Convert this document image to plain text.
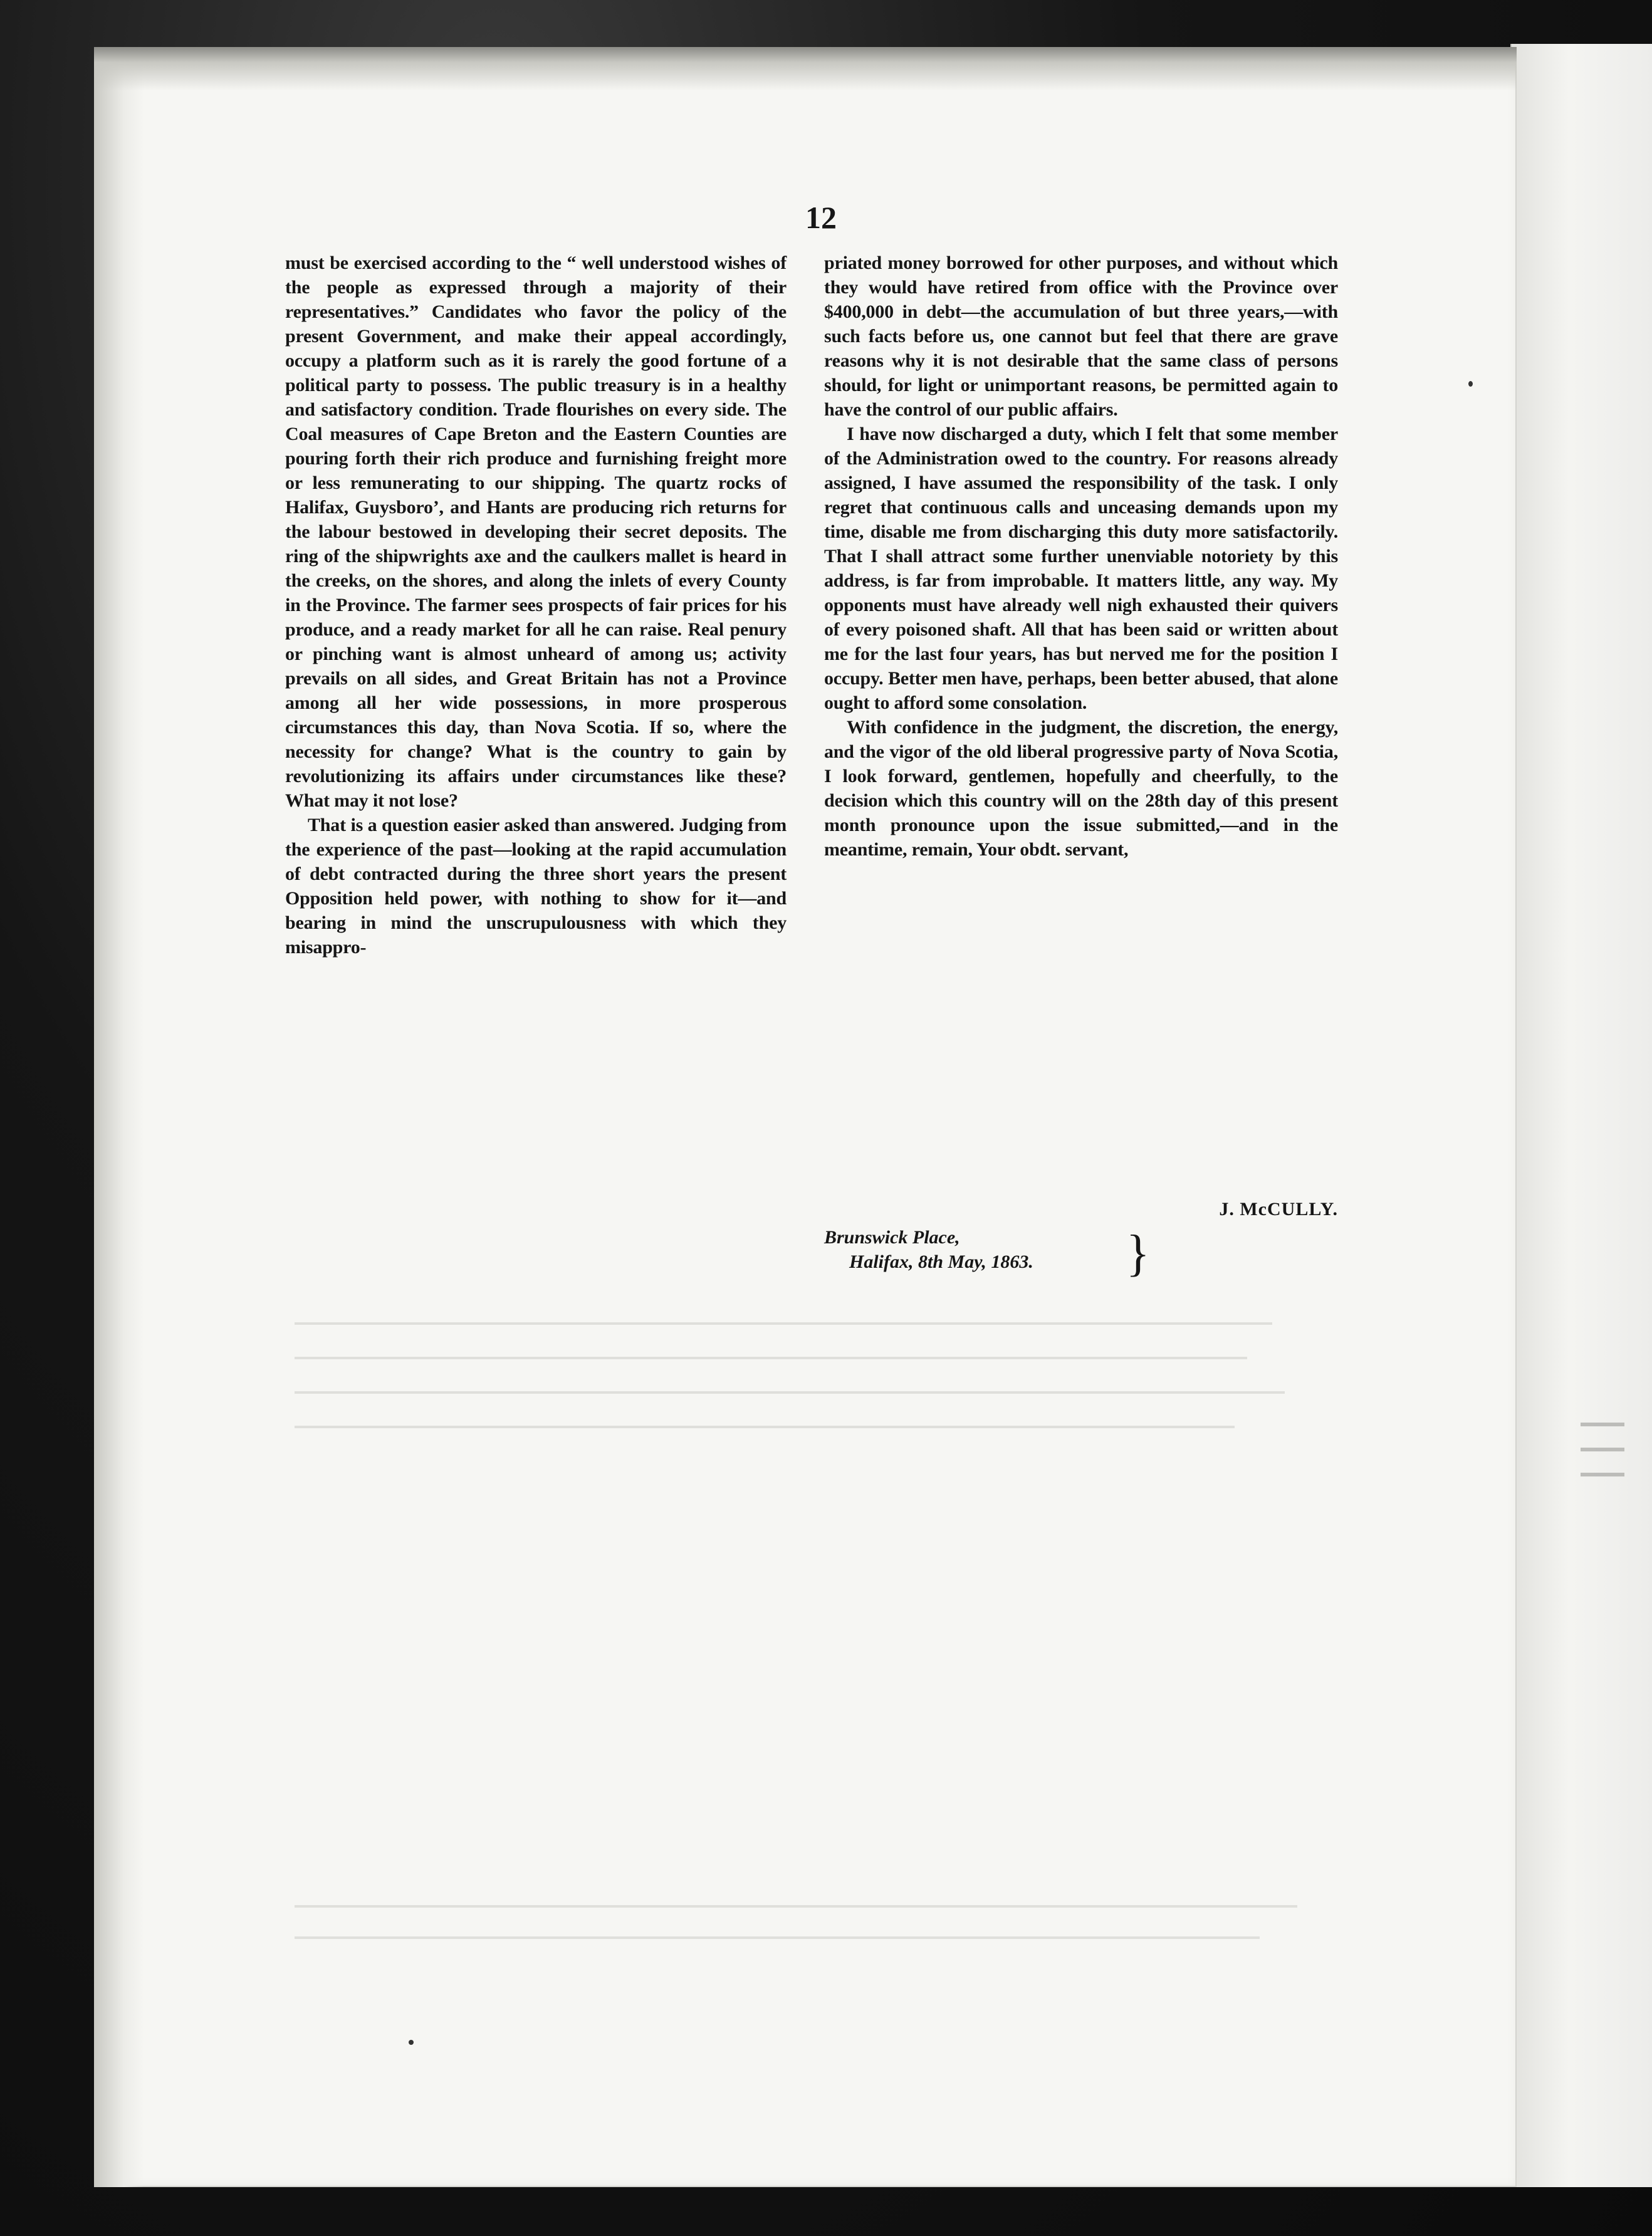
12

must be exercised according to the “ well understood wishes of the people as expressed through a majority of their representatives.” Candidates who favor the policy of the present Government, and make their appeal accordingly, occupy a platform such as it is rarely the good fortune of a political party to possess. The public treasury is in a healthy and satisfactory condition. Trade flourishes on every side. The Coal measures of Cape Breton and the Eastern Counties are pouring forth their rich produce and furnishing freight more or less remunerating to our shipping. The quartz rocks of Halifax, Guysboro’, and Hants are producing rich returns for the labour bestowed in developing their secret deposits. The ring of the shipwrights axe and the caulkers mallet is heard in the creeks, on the shores, and along the inlets of every County in the Province. The farmer sees prospects of fair prices for his produce, and a ready market for all he can raise. Real penury or pinching want is almost unheard of among us; activity prevails on all sides, and Great Britain has not a Province among all her wide possessions, in more prosperous circumstances this day, than Nova Scotia. If so, where the necessity for change? What is the country to gain by revolutionizing its affairs under circumstances like these? What may it not lose?

That is a question easier asked than answered. Judging from the experience of the past—looking at the rapid accumulation of debt contracted during the three short years the present Opposition held power, with nothing to show for it—and bearing in mind the unscrupulousness with which they misappro-

priated money borrowed for other purposes, and without which they would have retired from office with the Province over $400,000 in debt—the accumulation of but three years,—with such facts before us, one cannot but feel that there are grave reasons why it is not desirable that the same class of persons should, for light or unimportant reasons, be permitted again to have the control of our public affairs.

I have now discharged a duty, which I felt that some member of the Administration owed to the country. For reasons already assigned, I have assumed the responsibility of the task. I only regret that continuous calls and unceasing demands upon my time, disable me from discharging this duty more satisfactorily. That I shall attract some further unenviable notoriety by this address, is far from improbable. It matters little, any way. My opponents must have already well nigh exhausted their quivers of every poisoned shaft. All that has been said or written about me for the last four years, has but nerved me for the position I occupy. Better men have, perhaps, been better abused, that alone ought to afford some consolation.

With confidence in the judgment, the discretion, the energy, and the vigor of the old liberal progressive party of Nova Scotia, I look forward, gentlemen, hopefully and cheerfully, to the decision which this country will on the 28th day of this present month pronounce upon the issue submitted,—and in the meantime, remain, Your obdt. servant,

J. McCULLY.
Brunswick Place,
Halifax, 8th May, 1863.	}
